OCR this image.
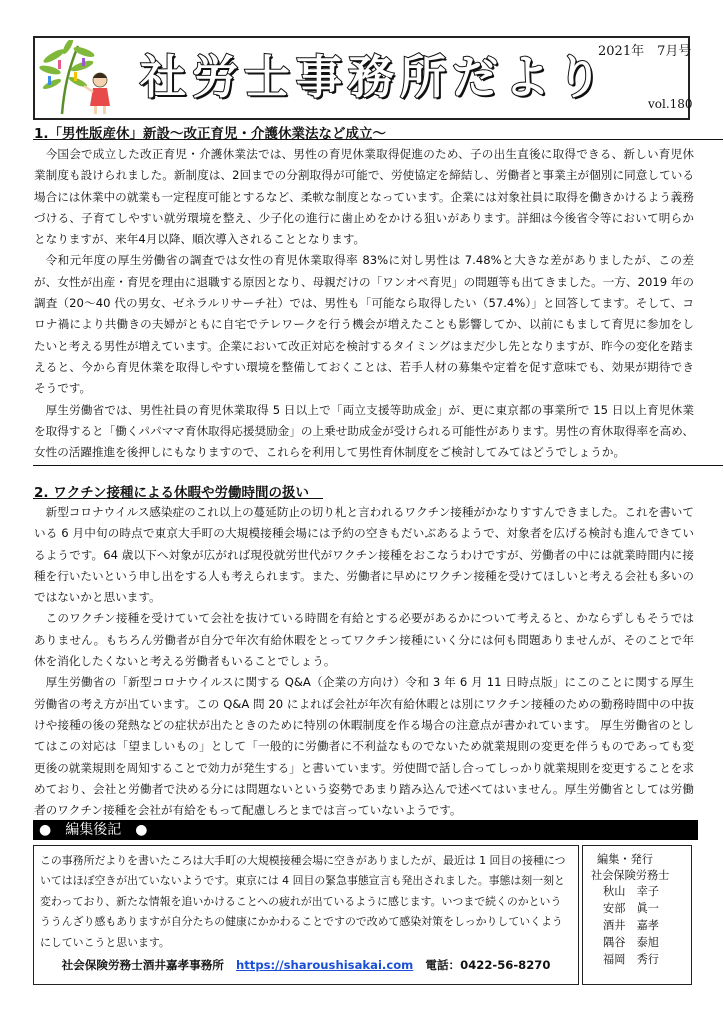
社労士事務所だより
2021年　7月号
vol.180
1.「男性版産休」新設～改正育児・介護休業法など成立～

今国会で成立した改正育児・介護休業法では、男性の育児休業取得促進のため、子の出生直後に取得できる、新しい育児休業制度も設けられました。新制度は、2回までの分割取得が可能で、労使協定を締結し、労働者と事業主が個別に同意している場合には休業中の就業も一定程度可能とするなど、柔軟な制度となっています。企業には対象社員に取得を働きかけるよう義務づける、子育てしやすい就労環境を整え、少子化の進行に歯止めをかける狙いがあります。詳細は今後省令等において明らかとなりますが、来年4月以降、順次導入されることとなります。

令和元年度の厚生労働省の調査では女性の育児休業取得率 83%に対し男性は 7.48%と大きな差がありましたが、この差が、女性が出産・育児を理由に退職する原因となり、母親だけの「ワンオペ育児」の問題等も出てきました。一方、2019 年の調査（20～40 代の男女、ゼネラルリサーチ社）では、男性も「可能なら取得したい（57.4%）」と回答してます。そして、コロナ禍により共働きの夫婦がともに自宅でテレワークを行う機会が増えたことも影響してか、以前にもまして育児に参加をしたいと考える男性が増えています。企業において改正対応を検討するタイミングはまだ少し先となりますが、昨今の変化を踏まえると、今から育児休業を取得しやすい環境を整備しておくことは、若手人材の募集や定着を促す意味でも、効果が期待できそうです。

厚生労働省では、男性社員の育児休業取得 5 日以上で「両立支援等助成金」が、更に東京都の事業所で 15 日以上育児休業を取得すると「働くパパママ育休取得応援奨励金」の上乗せ助成金が受けられる可能性があります。男性の育休取得率を高め、女性の活躍推進を後押しにもなりますので、これらを利用して男性育休制度をご検討してみてはどうでしょうか。

2. ワクチン接種による休暇や労働時間の扱い

新型コロナウイルス感染症のこれ以上の蔓延防止の切り札と言われるワクチン接種がかなりすすんできました。これを書いている 6 月中旬の時点で東京大手町の大規模接種会場には予約の空きもだいぶあるようで、対象者を広げる検討も進んできているようです。64 歳以下へ対象が広がれば現役就労世代がワクチン接種をおこなうわけですが、労働者の中には就業時間内に接種を行いたいという申し出をする人も考えられます。また、労働者に早めにワクチン接種を受けてほしいと考える会社も多いのではないかと思います。

このワクチン接種を受けていて会社を抜けている時間を有給とする必要があるかについて考えると、かならずしもそうではありません。もちろん労働者が自分で年次有給休暇をとってワクチン接種にいく分には何も問題ありませんが、そのことで年休を消化したくないと考える労働者もいることでしょう。

厚生労働省の「新型コロナウイルスに関する Q&A（企業の方向け）令和 3 年 6 月 11 日時点版」にこのことに関する厚生労働省の考え方が出ています。この Q&A 問 20 によれば会社が年次有給休暇とは別にワクチン接種のための勤務時間中の中抜けや接種の後の発熱などの症状が出たときのために特別の休暇制度を作る場合の注意点が書かれています。 厚生労働省のとしてはこの対応は「望ましいもの」として「一般的に労働者に不利益なものでないため就業規則の変更を伴うものであっても変更後の就業規則を周知することで効力が発生する」と書いています。労使間で話し合ってしっかり就業規則を変更することを求めており、会社と労働者で決める分には問題ないという姿勢であまり踏み込んで述べてはいません。厚生労働省としては労働者のワクチン接種を会社が有給をもって配慮しろとまでは言っていないようです。

●　編集後記　●

この事務所だよりを書いたころは大手町の大規模接種会場に空きがありましたが、最近は 1 回目の接種についてはほぼ空きが出ていないようです。東京には 4 回目の緊急事態宣言も発出されました。事態は刻一刻と変わっており、新たな情報を追いかけることへの疲れが出ているように感じます。いつまで続くのかというううんざり感もありますが自分たちの健康にかかわることですので改めて感染対策をしっかりしていくようにしていこうと思います。

社会保険労務士酒井嘉孝事務所 https://sharoushisakai.com 電話：0422-56-8270
編集・発行
社会保険労務士
秋山　幸子
安部　眞一
酒井　嘉孝
隅谷　泰旭
福岡　秀行
